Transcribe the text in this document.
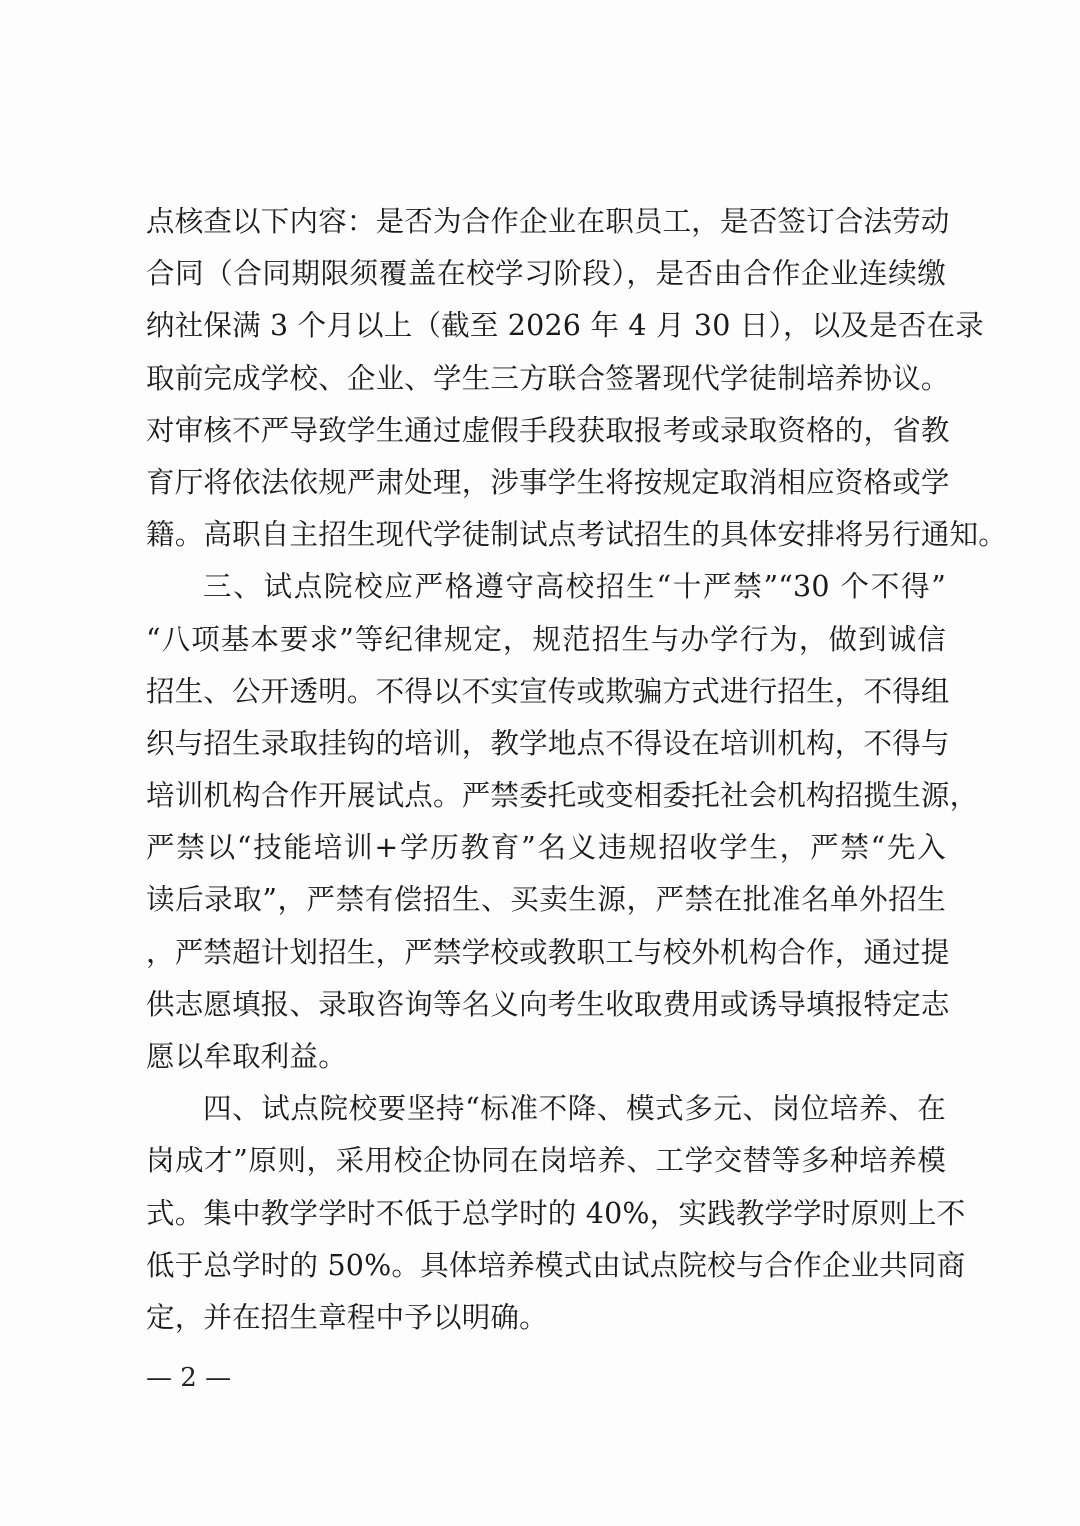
点核查以下内容：是否为合作企业在职员工，是否签订合法劳动
合同（合同期限须覆盖在校学习阶段），是否由合作企业连续缴
纳社保满 3 个月以上（截至 2026 年 4 月 30 日），以及是否在录
取前完成学校、企业、学生三方联合签署现代学徒制培养协议。
对审核不严导致学生通过虚假手段获取报考或录取资格的，省教
育厅将依法依规严肃处理，涉事学生将按规定取消相应资格或学
籍。高职自主招生现代学徒制试点考试招生的具体安排将另行通知。
三、试点院校应严格遵守高校招生“十严禁”“30 个不得”
“八项基本要求”等纪律规定，规范招生与办学行为，做到诚信
招生、公开透明。不得以不实宣传或欺骗方式进行招生，不得组
织与招生录取挂钩的培训，教学地点不得设在培训机构，不得与
培训机构合作开展试点。严禁委托或变相委托社会机构招揽生源，
严禁以“技能培训+学历教育”名义违规招收学生，严禁“先入
读后录取”，严禁有偿招生、买卖生源，严禁在批准名单外招生
，严禁超计划招生，严禁学校或教职工与校外机构合作，通过提
供志愿填报、录取咨询等名义向考生收取费用或诱导填报特定志
愿以牟取利益。
四、试点院校要坚持“标准不降、模式多元、岗位培养、在
岗成才”原则，采用校企协同在岗培养、工学交替等多种培养模
式。集中教学学时不低于总学时的 40%，实践教学学时原则上不
低于总学时的 50%。具体培养模式由试点院校与合作企业共同商
定，并在招生章程中予以明确。
— 2 —
